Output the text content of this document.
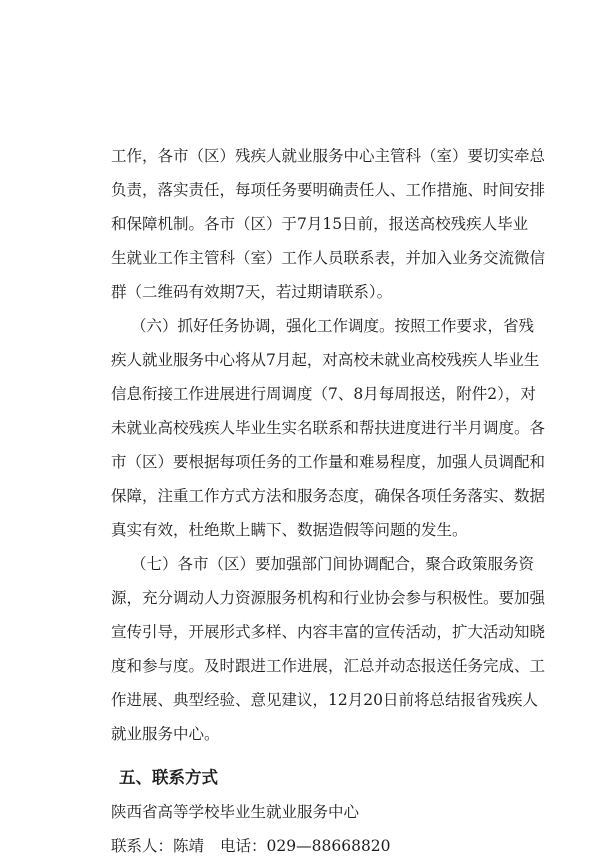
工作，各市（区）残疾人就业服务中心主管科（室）要切实牵总
负责，落实责任，每项任务要明确责任人、工作措施、时间安排
和保障机制。各市（区）于7月15日前，报送高校残疾人毕业
生就业工作主管科（室）工作人员联系表，并加入业务交流微信
群（二维码有效期7天，若过期请联系）。
（六）抓好任务协调，强化工作调度。按照工作要求，省残
疾人就业服务中心将从7月起，对高校未就业高校残疾人毕业生
信息衔接工作进展进行周调度（7、8月每周报送，附件2），对
未就业高校残疾人毕业生实名联系和帮扶进度进行半月调度。各
市（区）要根据每项任务的工作量和难易程度，加强人员调配和
保障，注重工作方式方法和服务态度，确保各项任务落实、数据
真实有效，杜绝欺上瞒下、数据造假等问题的发生。
（七）各市（区）要加强部门间协调配合，聚合政策服务资
源，充分调动人力资源服务机构和行业协会参与积极性。要加强
宣传引导，开展形式多样、内容丰富的宣传活动，扩大活动知晓
度和参与度。及时跟进工作进展，汇总并动态报送任务完成、工
作进展、典型经验、意见建议，12月20日前将总结报省残疾人
就业服务中心。
五、联系方式
陕西省高等学校毕业生就业服务中心
联系人：陈靖 电话：029—88668820
